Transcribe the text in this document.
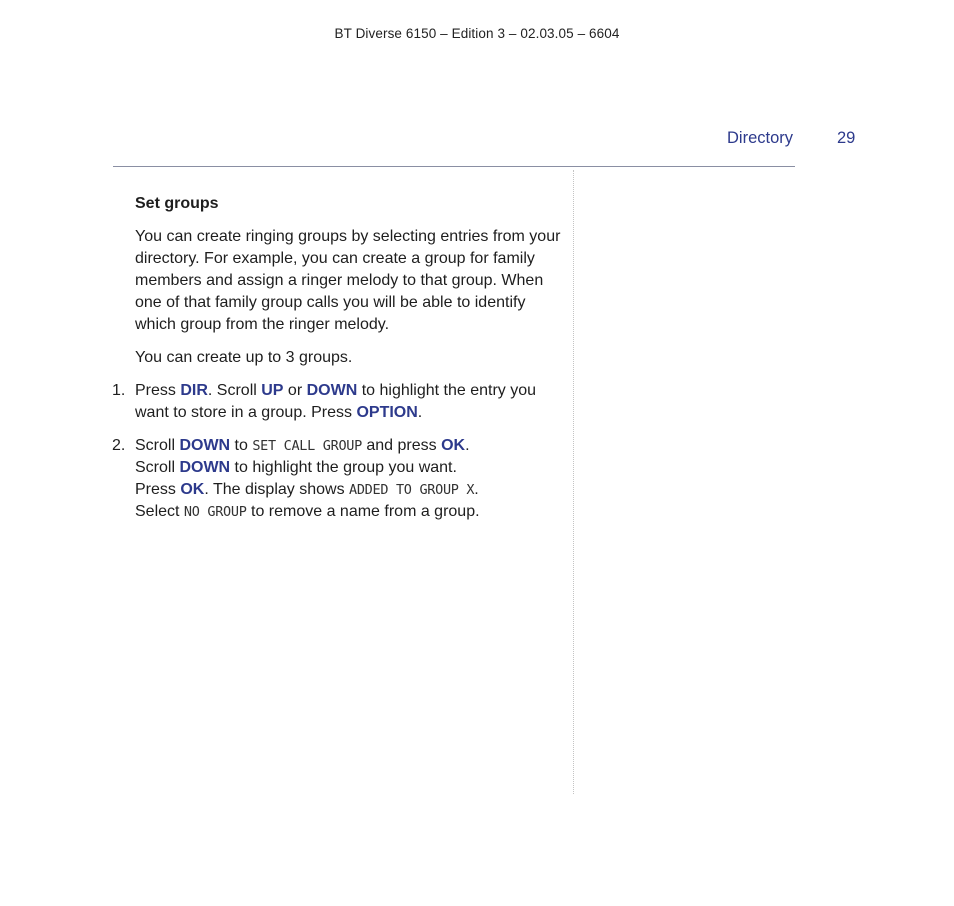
BT Diverse 6150 – Edition 3 – 02.03.05 – 6604
Directory	29
Set groups

You can create ringing groups by selecting entries from your directory. For example, you can create a group for family members and assign a ringer melody to that group. When one of that family group calls you will be able to identify which group from the ringer melody.

You can create up to 3 groups.

1. Press DIR. Scroll UP or DOWN to highlight the entry you want to store in a group. Press OPTION.
2. Scroll DOWN to SET CALL GROUP and press OK.
Scroll DOWN to highlight the group you want.
Press OK. The display shows ADDED TO GROUP X.
Select NO GROUP to remove a name from a group.
